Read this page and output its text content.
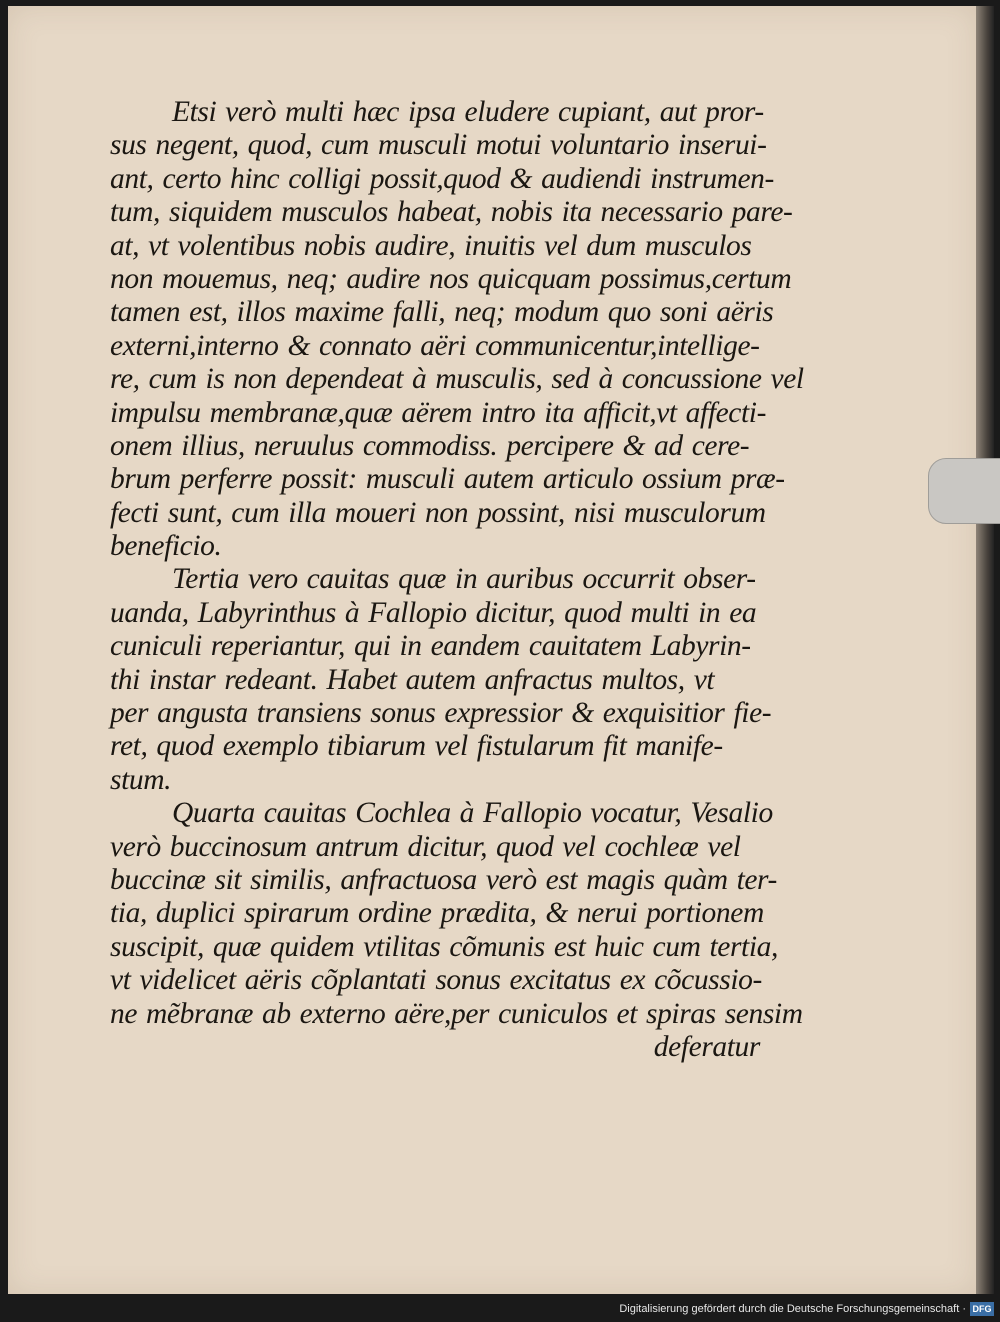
Etsi verò multi hæc ipsa eludere cupiant, aut pror-
sus negent, quod, cum musculi motui voluntario inserui-
ant, certo hinc colligi possit,quod & audiendi instrumen-
tum, siquidem musculos habeat, nobis ita necessario pare-
at, vt volentibus nobis audire, inuitis vel dum musculos
non mouemus, neq; audire nos quicquam possimus,certum
tamen est, illos maxime falli, neq; modum quo soni aëris
externi,interno & connato aëri communicentur,intellige-
re, cum is non dependeat à musculis, sed à concussione vel
impulsu membranæ,quæ aërem intro ita afficit,vt affecti-
onem illius, neruulus commodiss. percipere & ad cere-
brum perferre possit: musculi autem articulo ossium præ-
fecti sunt, cum illa moueri non possint, nisi musculorum
beneficio.
Tertia vero cauitas quæ in auribus occurrit obser-
uanda, Labyrinthus à Fallopio dicitur, quod multi in ea
cuniculi reperiantur, qui in eandem cauitatem Labyrin-
thi instar redeant. Habet autem anfractus multos, vt
per angusta transiens sonus expressior & exquisitior fie-
ret, quod exemplo tibiarum vel fistularum fit manife-
stum.
Quarta cauitas Cochlea à Fallopio vocatur, Vesalio
verò buccinosum antrum dicitur, quod vel cochleæ vel
buccinæ sit similis, anfractuosa verò est magis quàm ter-
tia, duplici spirarum ordine prædita, & nerui portionem
suscipit, quæ quidem vtilitas cõmunis est huic cum tertia,
vt videlicet aëris cõplantati sonus excitatus ex cõcussio-
ne mẽbranæ ab externo aëre,per cuniculos et spiras sensim
deferatur
Digitalisierung gefördert durch die Deutsche Forschungsgemeinschaft · DFG
